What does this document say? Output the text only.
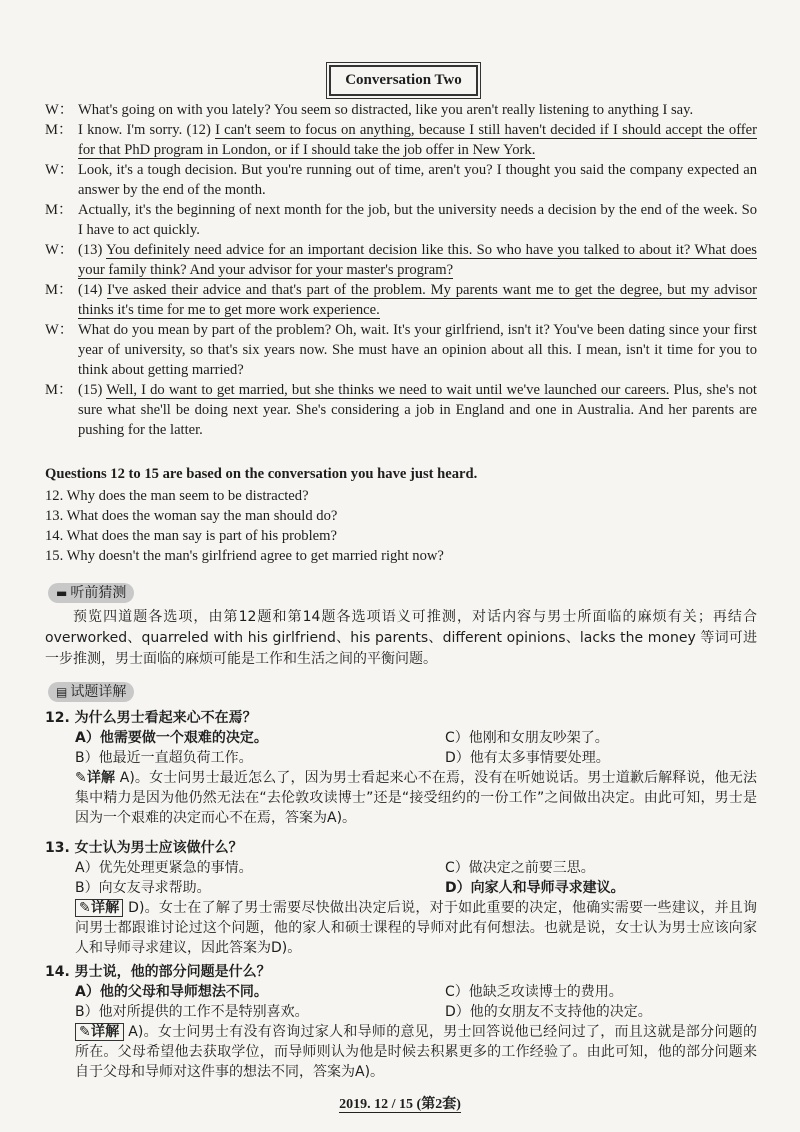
Conversation Two
W： What's going on with you lately? You seem so distracted, like you aren't really listening to anything I say.
M： I know. I'm sorry. (12) I can't seem to focus on anything, because I still haven't decided if I should accept the offer for that PhD program in London, or if I should take the job offer in New York.
W： Look, it's a tough decision. But you're running out of time, aren't you? I thought you said the company expected an answer by the end of the month.
M： Actually, it's the beginning of next month for the job, but the university needs a decision by the end of the week. So I have to act quickly.
W： (13) You definitely need advice for an important decision like this. So who have you talked to about it? What does your family think? And your advisor for your master's program?
M： (14) I've asked their advice and that's part of the problem. My parents want me to get the degree, but my advisor thinks it's time for me to get more work experience.
W： What do you mean by part of the problem? Oh, wait. It's your girlfriend, isn't it? You've been dating since your first year of university, so that's six years now. She must have an opinion about all this. I mean, isn't it time for you to think about getting married?
M： (15) Well, I do want to get married, but she thinks we need to wait until we've launched our careers. Plus, she's not sure what she'll be doing next year. She's considering a job in England and one in Australia. And her parents are pushing for the latter.
Questions 12 to 15 are based on the conversation you have just heard.
12. Why does the man seem to be distracted?
13. What does the woman say the man should do?
14. What does the man say is part of his problem?
15. Why doesn't the man's girlfriend agree to get married right now?
▬ 听前猜测
预览四道题各选项，由第12题和第14题各选项语义可推测，对话内容与男士所面临的麻烦有关；再结合 overworked、quarreled with his girlfriend、his parents、different opinions、lacks the money 等词可进一步推测，男士面临的麻烦可能是工作和生活之间的平衡问题。
▤ 试题详解
12. 为什么男士看起来心不在焉？
A）他需要做一个艰难的决定。	C）他刚和女朋友吵架了。
B）他最近一直超负荷工作。	D）他有太多事情要处理。
✎详解 A)。女士问男士最近怎么了，因为男士看起来心不在焉，没有在听她说话。男士道歉后解释说，他无法集中精力是因为他仍然无法在“去伦敦攻读博士”还是“接受纽约的一份工作”之间做出决定。由此可知，男士是因为一个艰难的决定而心不在焉，答案为A)。
13. 女士认为男士应该做什么？
A）优先处理更紧急的事情。	C）做决定之前要三思。
B）向女友寻求帮助。	D）向家人和导师寻求建议。
✎详解 D)。女士在了解了男士需要尽快做出决定后说，对于如此重要的决定，他确实需要一些建议，并且询问男士都跟谁讨论过这个问题，他的家人和硕士课程的导师对此有何想法。也就是说，女士认为男士应该向家人和导师寻求建议，因此答案为D)。
14. 男士说，他的部分问题是什么？
A）他的父母和导师想法不同。	C）他缺乏攻读博士的费用。
B）他对所提供的工作不是特别喜欢。	D）他的女朋友不支持他的决定。
✎详解 A)。女士问男士有没有咨询过家人和导师的意见，男士回答说他已经问过了，而且这就是部分问题的所在。父母希望他去获取学位，而导师则认为他是时候去积累更多的工作经验了。由此可知，他的部分问题来自于父母和导师对这件事的想法不同，答案为A)。
2019. 12 / 15 (第2套)
